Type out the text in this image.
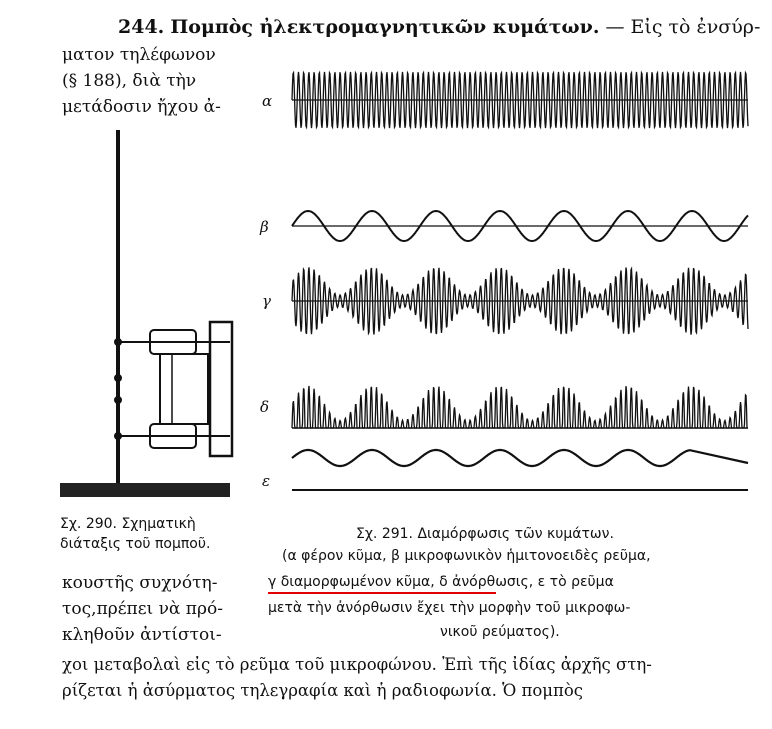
244. Πομπὸς ἠλεκτρομαγνητικῶν κυμάτων. — Εἰς τὸ ἐνσύρ-
ματον τηλέφωνον
(§ 188), διὰ τὴν
μετάδοσιν ἤχου ἀ-	α
β
γ
δ
ε
Σχ. 290. Σχηματικὴ
διάταξις τοῦ πομποῦ.
Σχ. 291. Διαμόρφωσις τῶν κυμάτων.
(α φέρον κῦμα, β μικροφωνικὸν ἡμιτονοειδὲς ρεῦμα,
γ διαμορφωμένον κῦμα, δ ἀνόρθωσις, ε τὸ ρεῦμα
μετὰ τὴν ἀνόρθωσιν ἔχει τὴν μορφὴν τοῦ μικροφω-
νικοῦ ρεύματος).
κουστῆς συχνότη-
τος,πρέπει νὰ πρό-
κληθοῦν ἀντίστοι-
χοι μεταβολαὶ εἰς τὸ ρεῦμα τοῦ μικροφώνου. Ἐπὶ τῆς ἰδίας ἀρχῆς στη-
ρίζεται ἡ ἀσύρματος τηλεγραφία καὶ ἡ ραδιοφωνία. Ὁ πομπὸς
